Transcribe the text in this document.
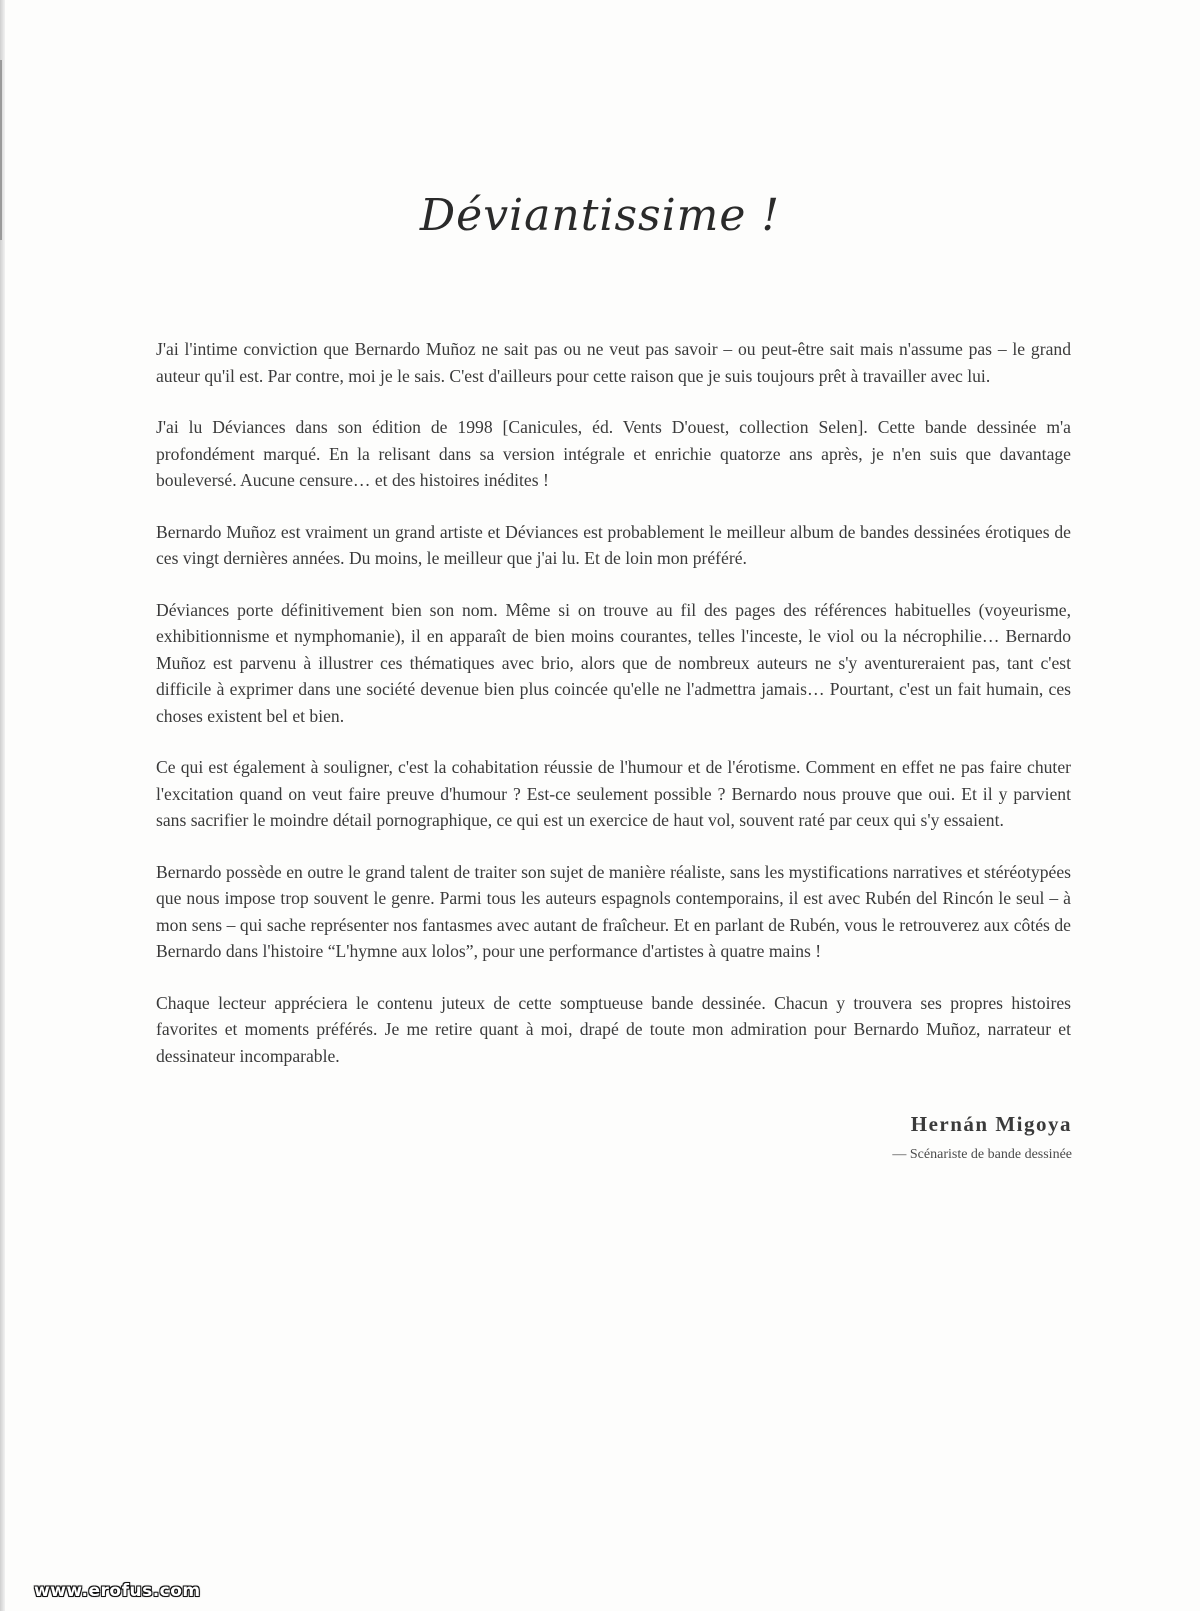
Déviantissime !

J'ai l'intime conviction que Bernardo Muñoz ne sait pas ou ne veut pas savoir – ou peut-être sait mais n'assume pas – le grand auteur qu'il est. Par contre, moi je le sais. C'est d'ailleurs pour cette raison que je suis toujours prêt à travailler avec lui.

J'ai lu Déviances dans son édition de 1998 [Canicules, éd. Vents D'ouest, collection Selen]. Cette bande dessinée m'a profondément marqué. En la relisant dans sa version intégrale et enrichie quatorze ans après, je n'en suis que davantage bouleversé. Aucune censure… et des histoires inédites !

Bernardo Muñoz est vraiment un grand artiste et Déviances est probablement le meilleur album de bandes dessinées érotiques de ces vingt dernières années. Du moins, le meilleur que j'ai lu. Et de loin mon préféré.

Déviances porte définitivement bien son nom. Même si on trouve au fil des pages des références habituelles (voyeurisme, exhibitionnisme et nymphomanie), il en apparaît de bien moins courantes, telles l'inceste, le viol ou la nécrophilie… Bernardo Muñoz est parvenu à illustrer ces thématiques avec brio, alors que de nombreux auteurs ne s'y aventureraient pas, tant c'est difficile à exprimer dans une société devenue bien plus coincée qu'elle ne l'admettra jamais… Pourtant, c'est un fait humain, ces choses existent bel et bien.

Ce qui est également à souligner, c'est la cohabitation réussie de l'humour et de l'érotisme. Comment en effet ne pas faire chuter l'excitation quand on veut faire preuve d'humour ? Est-ce seulement possible ? Bernardo nous prouve que oui. Et il y parvient sans sacrifier le moindre détail pornographique, ce qui est un exercice de haut vol, souvent raté par ceux qui s'y essaient.

Bernardo possède en outre le grand talent de traiter son sujet de manière réaliste, sans les mystifications narratives et stéréotypées que nous impose trop souvent le genre. Parmi tous les auteurs espagnols contemporains, il est avec Rubén del Rincón le seul – à mon sens – qui sache représenter nos fantasmes avec autant de fraîcheur. Et en parlant de Rubén, vous le retrouverez aux côtés de Bernardo dans l'histoire “L'hymne aux lolos”, pour une performance d'artistes à quatre mains !

Chaque lecteur appréciera le contenu juteux de cette somptueuse bande dessinée. Chacun y trouvera ses propres histoires favorites et moments préférés. Je me retire quant à moi, drapé de toute mon admiration pour Bernardo Muñoz, narrateur et dessinateur incomparable.

Hernán Migoya
— Scénariste de bande dessinée
www.erofus.com
